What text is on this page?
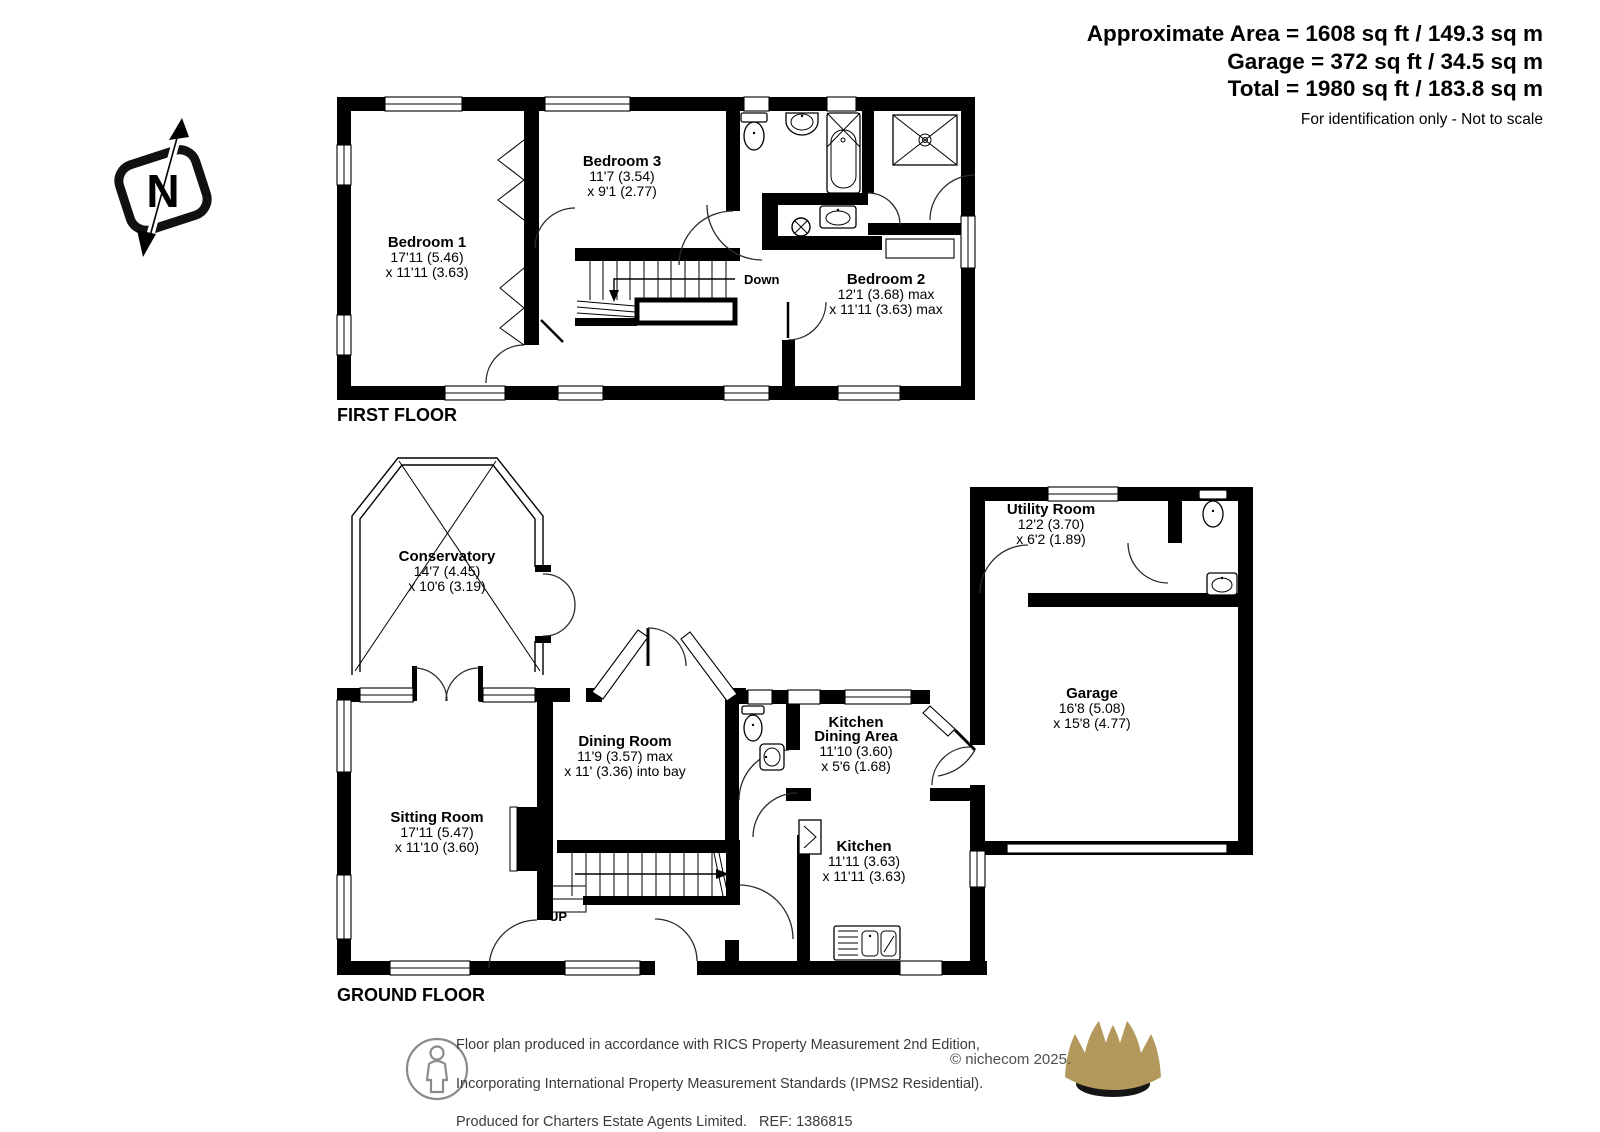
N
Down
Bedroom 1
17'11 (5.46)
x 11'11 (3.63)
Bedroom 3
11'7 (3.54)
x 9'1 (2.77)
Bedroom 2
12'1 (3.68) max
x 11'11 (3.63) max
FIRST FLOOR
UP
Conservatory
14'7 (4.45)
x 10'6 (3.19)
Sitting Room
17'11 (5.47)
x 11'10 (3.60)
Dining Room
11'9 (3.57) max
x 11' (3.36) into bay
Kitchen
Dining Area
11'10 (3.60)
x 5'6 (1.68)
Kitchen
11'11 (3.63)
x 11'11 (3.63)
Utility Room
12'2 (3.70)
x 6'2 (1.89)
Garage
16'8 (5.08)
x 15'8 (4.77)
GROUND FLOOR
Approximate Area = 1608 sq ft / 149.3 sq m
Garage = 372 sq ft / 34.5 sq m
Total = 1980 sq ft / 183.8 sq m
For identification only - Not to scale
Floor plan produced in accordance with RICS Property Measurement 2nd Edition,

Incorporating International Property Measurement Standards (IPMS2 Residential).

Produced for Charters Estate Agents Limited.   REF: 1386815
© nichecom 2025.
